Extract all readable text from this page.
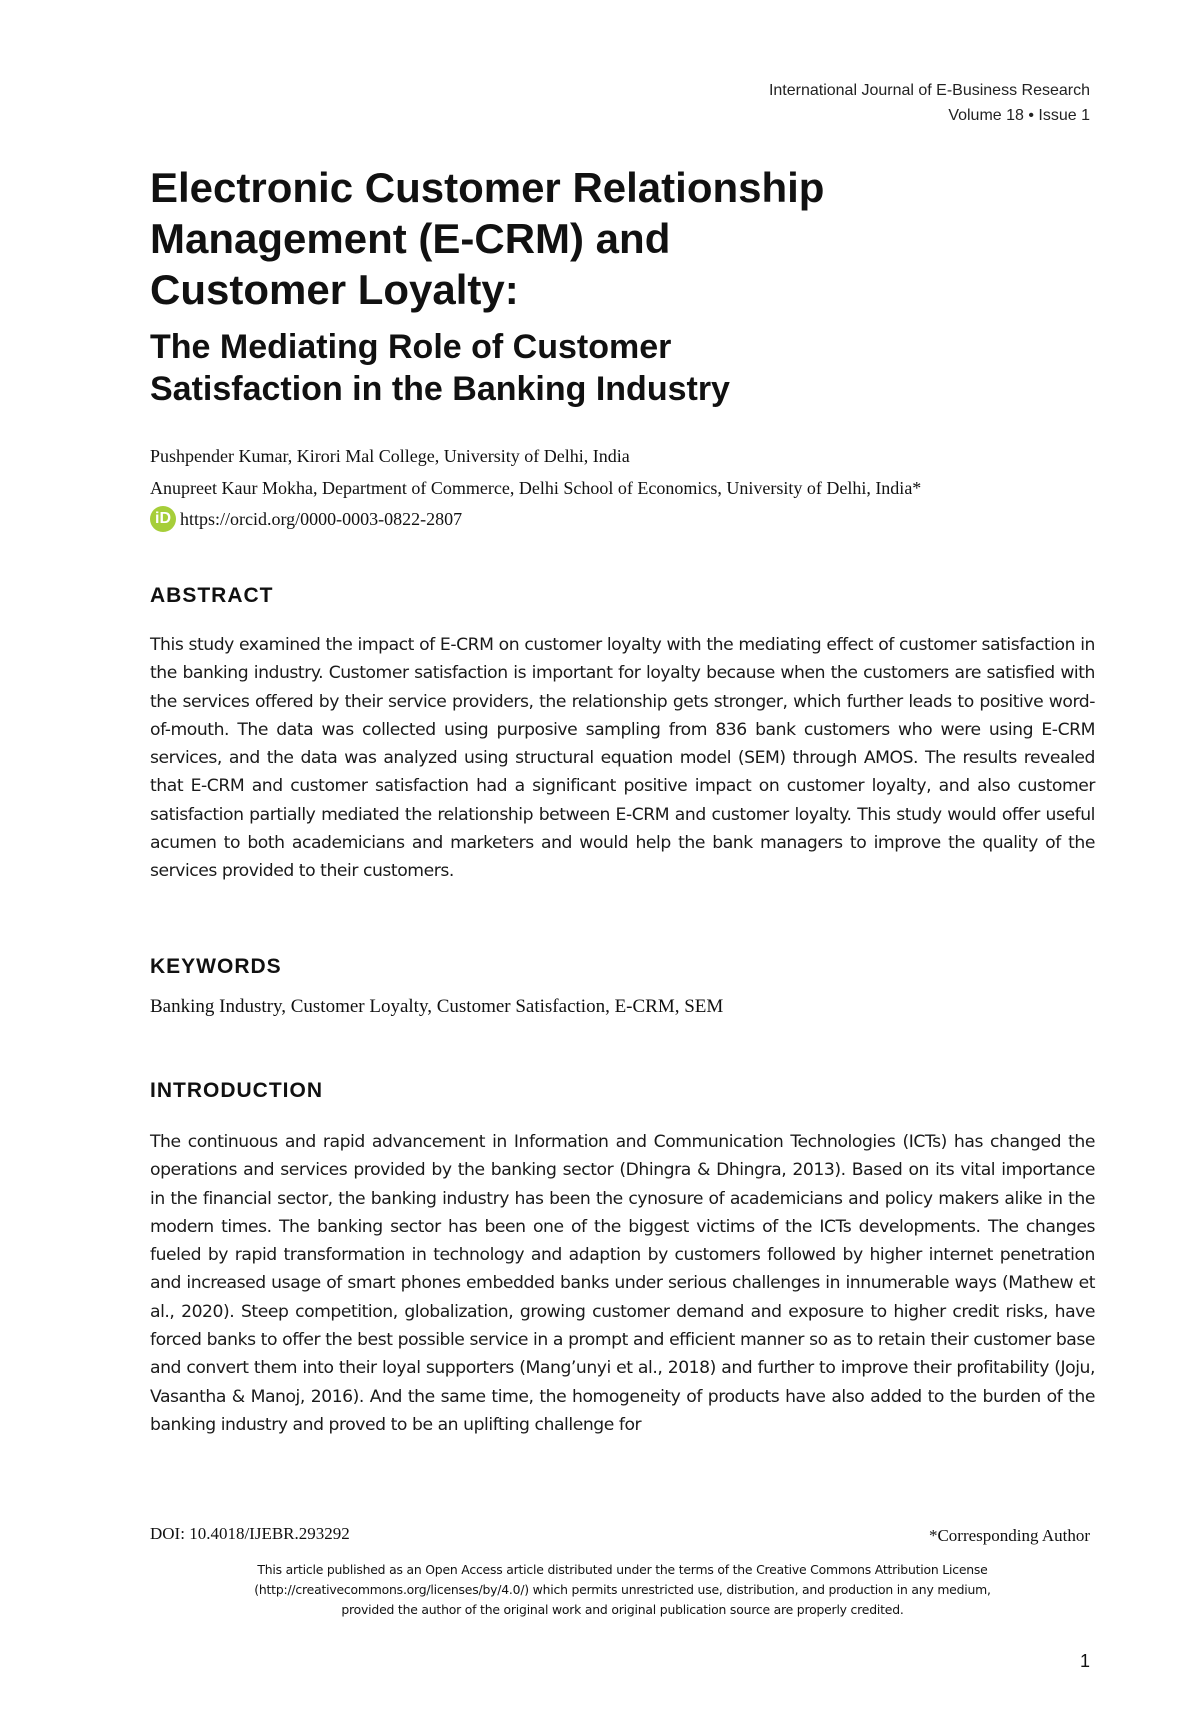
International Journal of E-Business Research
Volume 18 • Issue 1
Electronic Customer Relationship
Management (E-CRM) and
Customer Loyalty:
The Mediating Role of Customer
Satisfaction in the Banking Industry
Pushpender Kumar, Kirori Mal College, University of Delhi, India
Anupreet Kaur Mokha, Department of Commerce, Delhi School of Economics, University of Delhi, India*
iD https://orcid.org/0000-0003-0822-2807
ABSTRACT
This study examined the impact of E-CRM on customer loyalty with the mediating effect of customer satisfaction in the banking industry. Customer satisfaction is important for loyalty because when the customers are satisfied with the services offered by their service providers, the relationship gets stronger, which further leads to positive word-of-mouth. The data was collected using purposive sampling from 836 bank customers who were using E-CRM services, and the data was analyzed using structural equation model (SEM) through AMOS. The results revealed that E-CRM and customer satisfaction had a significant positive impact on customer loyalty, and also customer satisfaction partially mediated the relationship between E-CRM and customer loyalty. This study would offer useful acumen to both academicians and marketers and would help the bank managers to improve the quality of the services provided to their customers.
KEYWORDS
Banking Industry, Customer Loyalty, Customer Satisfaction, E-CRM, SEM
INTRODUCTION
The continuous and rapid advancement in Information and Communication Technologies (ICTs) has changed the operations and services provided by the banking sector (Dhingra & Dhingra, 2013). Based on its vital importance in the financial sector, the banking industry has been the cynosure of academicians and policy makers alike in the modern times. The banking sector has been one of the biggest victims of the ICTs developments. The changes fueled by rapid transformation in technology and adaption by customers followed by higher internet penetration and increased usage of smart phones embedded banks under serious challenges in innumerable ways (Mathew et al., 2020). Steep competition, globalization, growing customer demand and exposure to higher credit risks, have forced banks to offer the best possible service in a prompt and efficient manner so as to retain their customer base and convert them into their loyal supporters (Mang’unyi et al., 2018) and further to improve their profitability (Joju, Vasantha & Manoj, 2016). And the same time, the homogeneity of products have also added to the burden of the banking industry and proved to be an uplifting challenge for
DOI: 10.4018/IJEBR.293292	*Corresponding Author
This article published as an Open Access article distributed under the terms of the Creative Commons Attribution License
(http://creativecommons.org/licenses/by/4.0/) which permits unrestricted use, distribution, and production in any medium,
provided the author of the original work and original publication source are properly credited.
1
